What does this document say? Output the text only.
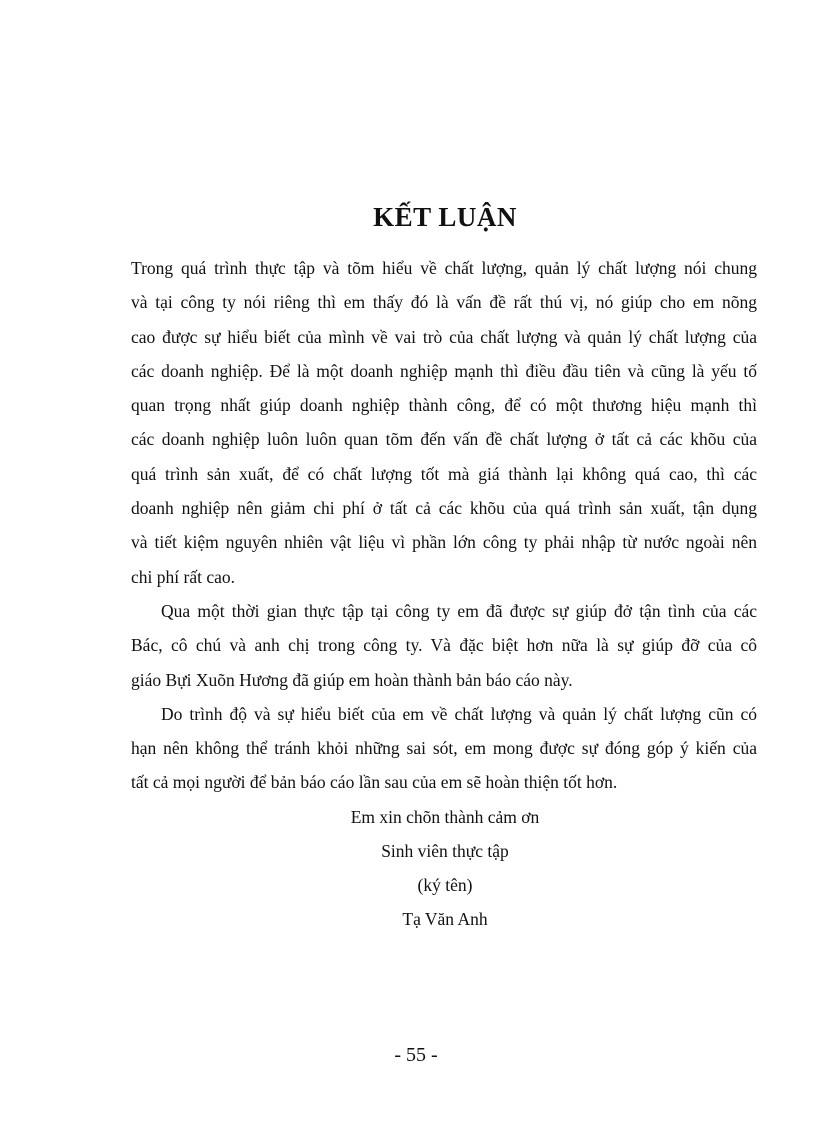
KẾT LUẬN

Trong quá trình thực tập và tõm hiểu về chất lượng, quản lý chất lượng nói chung
và tại công ty nói riêng thì em thấy đó là vấn đề rất thú vị, nó giúp cho em nõng
cao được sự hiểu biết của mình về vai trò của chất lượng và quản lý chất lượng của
các doanh nghiệp. Để là một doanh nghiệp mạnh thì điều đầu tiên và cũng là yếu tố
quan trọng nhất giúp doanh nghiệp thành công, để có một thương hiệu mạnh thì
các doanh nghiệp luôn luôn quan tõm đến vấn đề chất lượng ở tất cả các khõu của
quá trình sản xuất, để có chất lượng tốt mà giá thành lại không quá cao, thì các
doanh nghiệp nên giảm chi phí ở tất cả các khõu của quá trình sản xuất, tận dụng
và tiết kiệm nguyên nhiên vật liệu vì phần lớn công ty phải nhập từ nước ngoài nên
chi phí rất cao.

Qua một thời gian thực tập tại công ty em đã được sự giúp đở tận tình của các
Bác, cô chú và anh chị trong công ty. Và đặc biệt hơn nữa là sự giúp đỡ của cô
giáo Bựi Xuõn Hương đã giúp em hoàn thành bản báo cáo này.

Do trình độ và sự hiểu biết của em về chất lượng và quản lý chất lượng cũn có
hạn nên không thể tránh khỏi những sai sót, em mong được sự đóng góp ý kiến của
tất cả mọi người để bản báo cáo lần sau của em sẽ hoàn thiện tốt hơn.

Em xin chõn thành cảm ơn
Sinh viên thực tập
(ký tên)
Tạ Văn Anh
- 55 -
